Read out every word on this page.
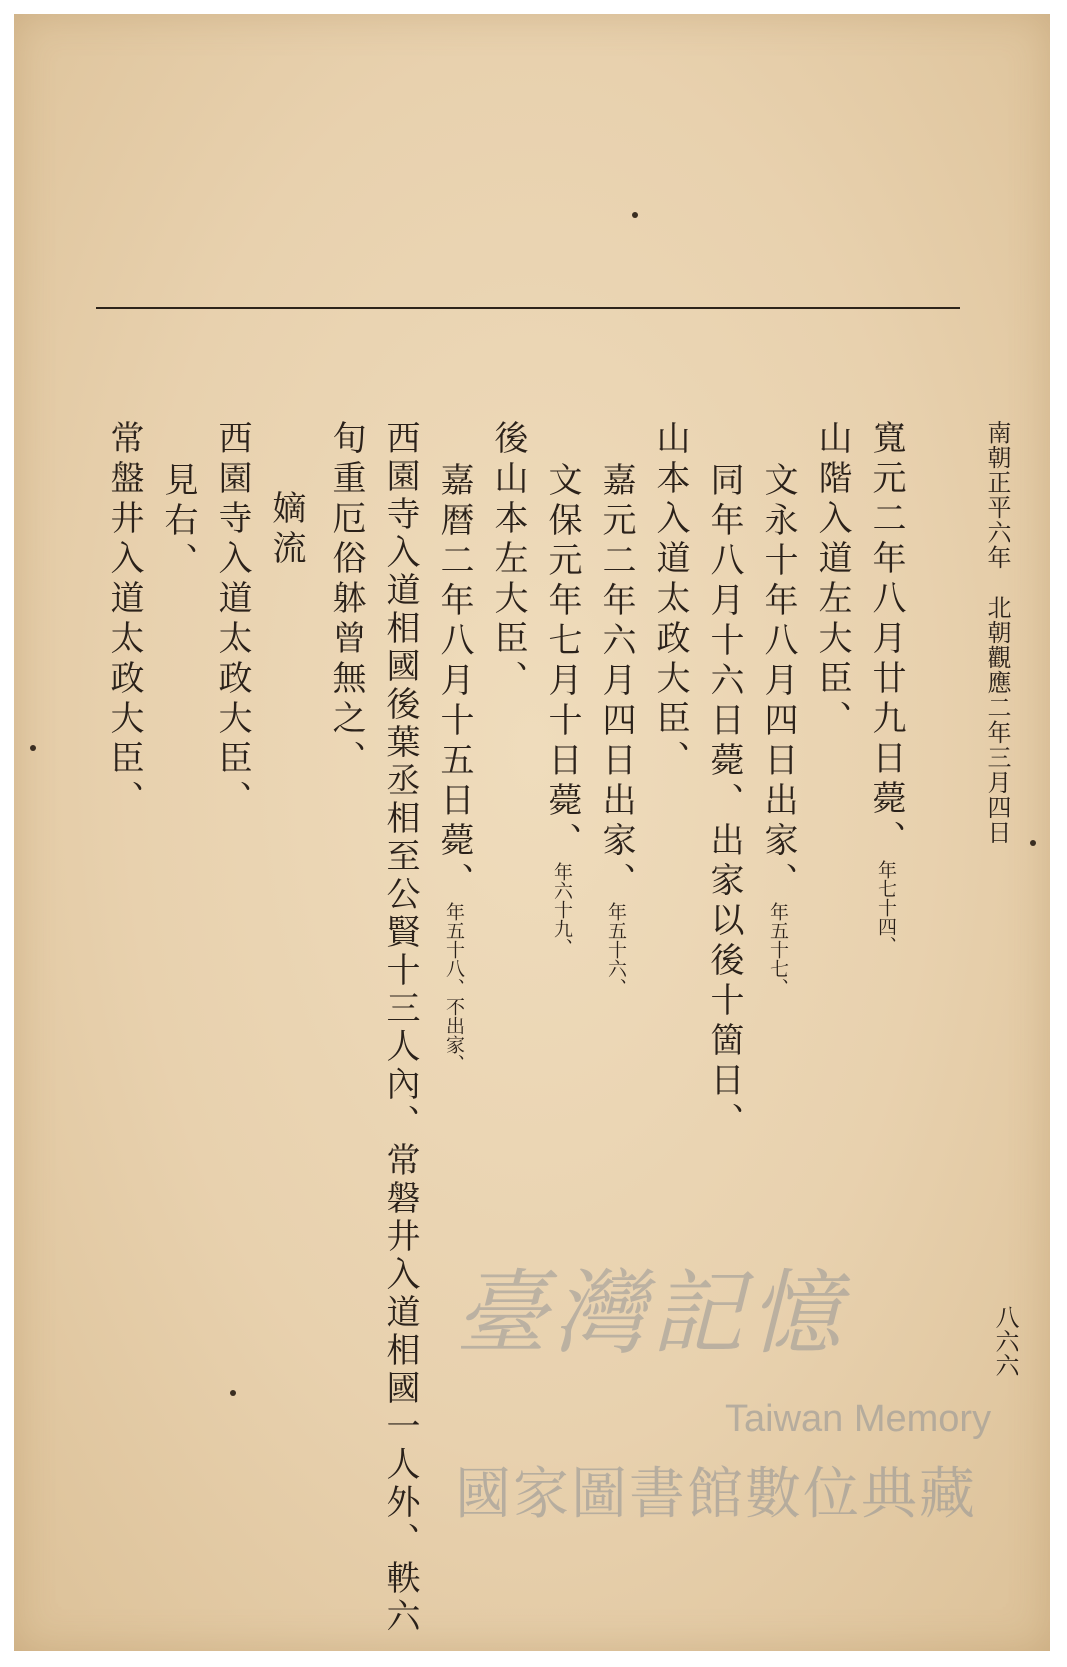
南朝正平六年　北朝觀應二年三月四日
寬元二年八月廿九日薨、年七十四、
山階入道左大臣、
文永十年八月四日出家、年五十七、
同年八月十六日薨、出家以後十箇日、
山本入道太政大臣、
嘉元二年六月四日出家、年五十六、
文保元年七月十日薨、年六十九、
後山本左大臣、
嘉暦二年八月十五日薨、年五十八、不出家、
西園寺入道相國後葉丞相至公賢十三人內、常磐井入道相國一人外、軼六
旬重厄俗躰曾無之、
嫡流
西園寺入道太政大臣、
見右、
常盤井入道太政大臣、
八六六
臺灣記憶
Taiwan Memory
國家圖書館數位典藏
